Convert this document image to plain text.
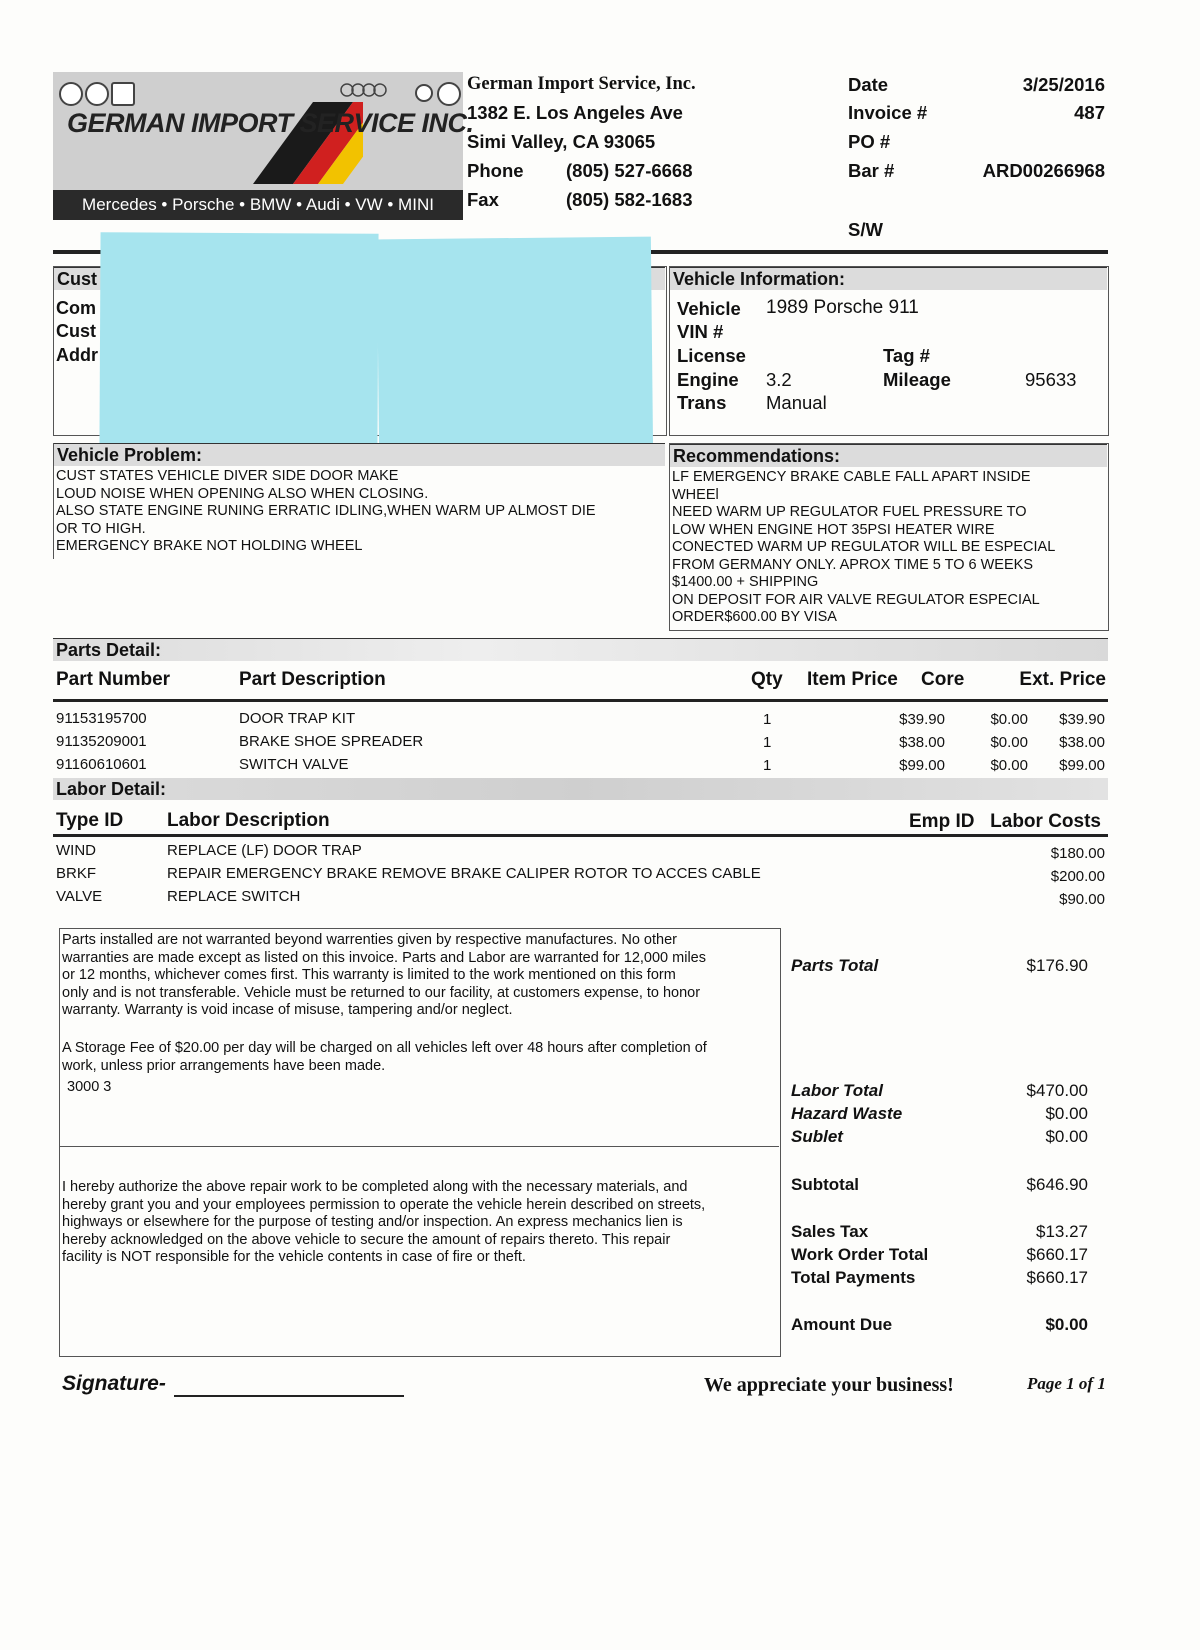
GERMAN IMPORT SERVICE INC.
Mercedes • Porsche • BMW • Audi • VW • MINI
German Import Service, Inc.
1382 E. Los Angeles Ave
Simi Valley, CA 93065
Phone (805) 527-6668
Fax	(805) 582-1683
Date	3/25/2016
Invoice #	487
PO #
Bar #	ARD00266968
S/W
Cust
Com
Cust
Addr
Vehicle Information:
Vehicle 1989 Porsche 911
VIN #
License	Tag #
Engine 3.2	Mileage	95633
Trans Manual
Vehicle Problem:
CUST STATES VEHICLE DIVER SIDE DOOR MAKE
LOUD NOISE WHEN OPENING ALSO WHEN CLOSING.
ALSO STATE ENGINE RUNING ERRATIC IDLING,WHEN WARM UP ALMOST DIE
OR TO HIGH.
EMERGENCY BRAKE NOT HOLDING WHEEL
Recommendations:
LF EMERGENCY BRAKE CABLE FALL APART INSIDE
WHEEl
NEED WARM UP REGULATOR FUEL PRESSURE TO
LOW WHEN ENGINE HOT 35PSI HEATER WIRE
CONECTED WARM UP REGULATOR WILL BE ESPECIAL
FROM GERMANY ONLY. APROX TIME 5 TO 6 WEEKS
$1400.00 + SHIPPING
ON DEPOSIT FOR AIR VALVE REGULATOR ESPECIAL
ORDER$600.00 BY VISA
Parts Detail:
Part Number	Part Description	Qty Item Price Core	Ext. Price
91153195700	DOOR TRAP KIT	1	$39.90	$0.00	$39.90
91135209001	BRAKE SHOE SPREADER	1	$38.00	$0.00	$38.00
91160610601	SWITCH VALVE	1	$99.00	$0.00	$99.00
Labor Detail:
Type ID Labor Description	Emp ID Labor Costs
WIND	REPLACE (LF) DOOR TRAP	$180.00
BRKF	REPAIR EMERGENCY BRAKE REMOVE BRAKE CALIPER ROTOR TO ACCES CABLE	$200.00
VALVE	REPLACE SWITCH	$90.00
Parts installed are not warranted beyond warrenties given by respective manufactures. No other
warranties are made except as listed on this invoice. Parts and Labor are warranted for 12,000 miles
or 12 months, whichever comes first. This warranty is limited to the work mentioned on this form
only and is not transferable. Vehicle must be returned to our facility, at customers expense, to honor
warranty. Warranty is void incase of misuse, tampering and/or neglect.
A Storage Fee of $20.00 per day will be charged on all vehicles left over 48 hours after completion of
work, unless prior arrangements have been made.
3000 3
I hereby authorize the above repair work to be completed along with the necessary materials, and
hereby grant you and your employees permission to operate the vehicle herein described on streets,
highways or elsewhere for the purpose of testing and/or inspection. An express mechanics lien is
hereby acknowledged on the above vehicle to secure the amount of repairs thereto. This repair
facility is NOT responsible for the vehicle contents in case of fire or theft.
Parts Total	$176.90
Labor Total	$470.00
Hazard Waste	$0.00
Sublet	$0.00
Subtotal	$646.90
Sales Tax	$13.27
Work Order Total	$660.17
Total Payments	$660.17
Amount Due	$0.00
Signature-	We appreciate your business!	Page 1 of 1
